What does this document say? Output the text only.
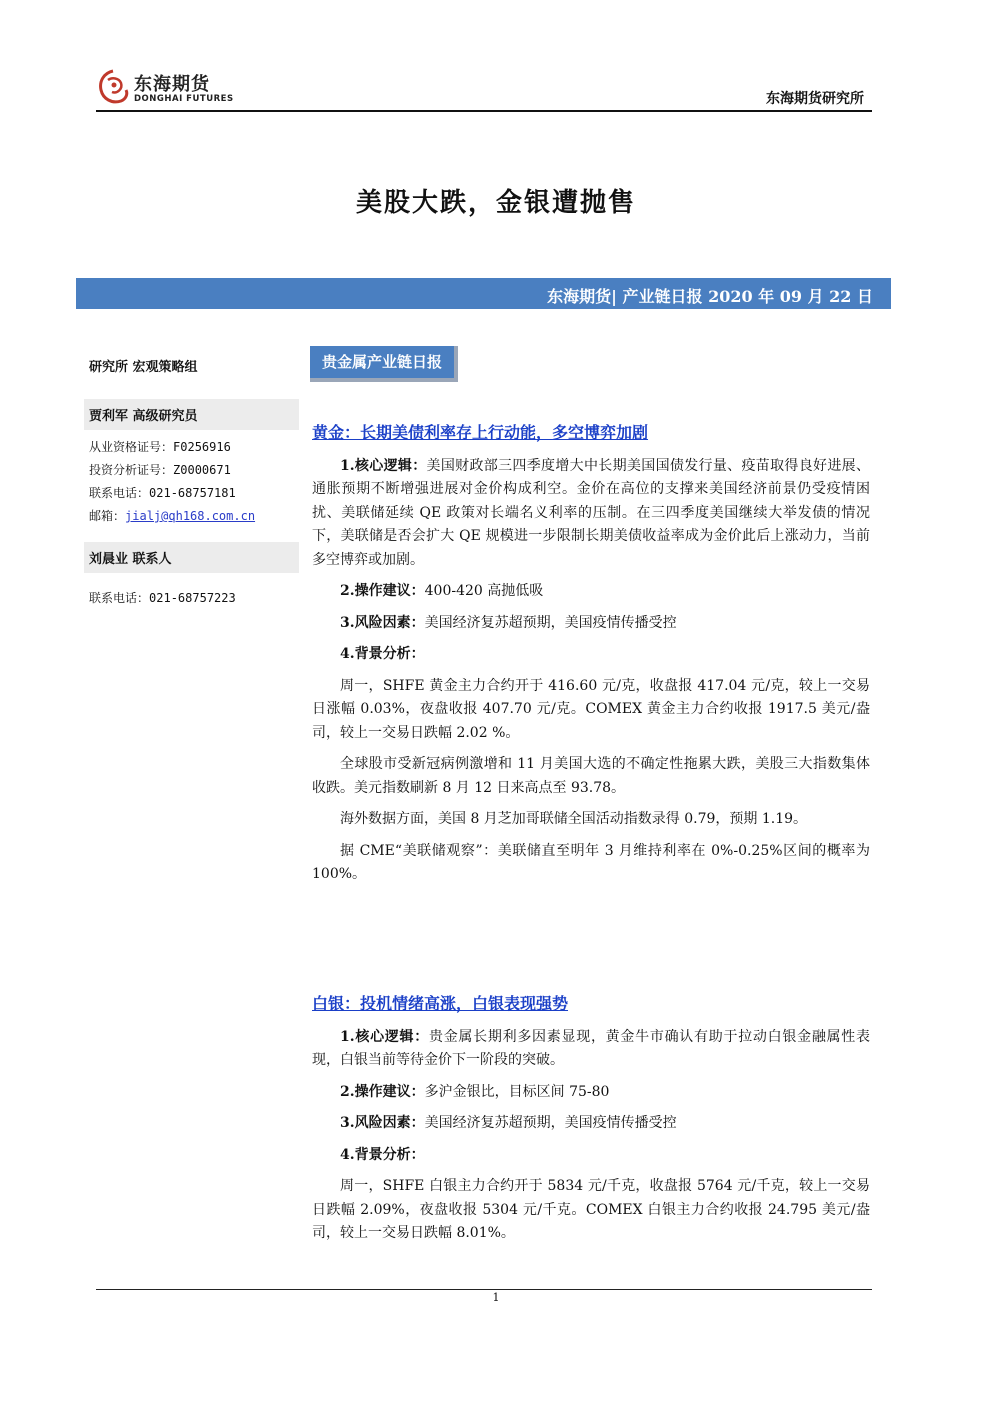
东海期货
DONGHAI FUTURES	东海期货研究所
美股大跌，金银遭抛售
东海期货| 产业链日报 2020 年 09 月 22 日
研究所 宏观策略组
贾利军 高级研究员
从业资格证号：F0256916
投资分析证号：Z0000671
联系电话：021-68757181
邮箱：jialj@qh168.com.cn
刘晨业 联系人
联系电话：021-68757223
贵金属产业链日报
黄金：长期美债利率存上行动能，多空博弈加剧

1.核心逻辑：美国财政部三四季度增大中长期美国国债发行量、疫苗取得良好进展、通胀预期不断增强进展对金价构成利空。金价在高位的支撑来美国经济前景仍受疫情困扰、美联储延续 QE 政策对长端名义利率的压制。在三四季度美国继续大举发债的情况下，美联储是否会扩大 QE 规模进一步限制长期美债收益率成为金价此后上涨动力，当前多空博弈或加剧。

2.操作建议：400-420 高抛低吸

3.风险因素：美国经济复苏超预期，美国疫情传播受控

4.背景分析：

周一，SHFE 黄金主力合约开于 416.60 元/克，收盘报 417.04 元/克，较上一交易日涨幅 0.03%，夜盘收报 407.70 元/克。COMEX 黄金主力合约收报 1917.5 美元/盎司，较上一交易日跌幅 2.02 %。

全球股市受新冠病例激增和 11 月美国大选的不确定性拖累大跌，美股三大指数集体收跌。美元指数刷新 8 月 12 日来高点至 93.78。

海外数据方面，美国 8 月芝加哥联储全国活动指数录得 0.79，预期 1.19。

据 CME“美联储观察”：美联储直至明年 3 月维持利率在 0%-0.25%区间的概率为 100%。

白银：投机情绪高涨，白银表现强势

1.核心逻辑：贵金属长期利多因素显现，黄金牛市确认有助于拉动白银金融属性表现，白银当前等待金价下一阶段的突破。

2.操作建议：多沪金银比，目标区间 75-80

3.风险因素：美国经济复苏超预期，美国疫情传播受控

4.背景分析：

周一，SHFE 白银主力合约开于 5834 元/千克，收盘报 5764 元/千克，较上一交易日跌幅 2.09%，夜盘收报 5304 元/千克。COMEX 白银主力合约收报 24.795 美元/盎司，较上一交易日跌幅 8.01%。

1
